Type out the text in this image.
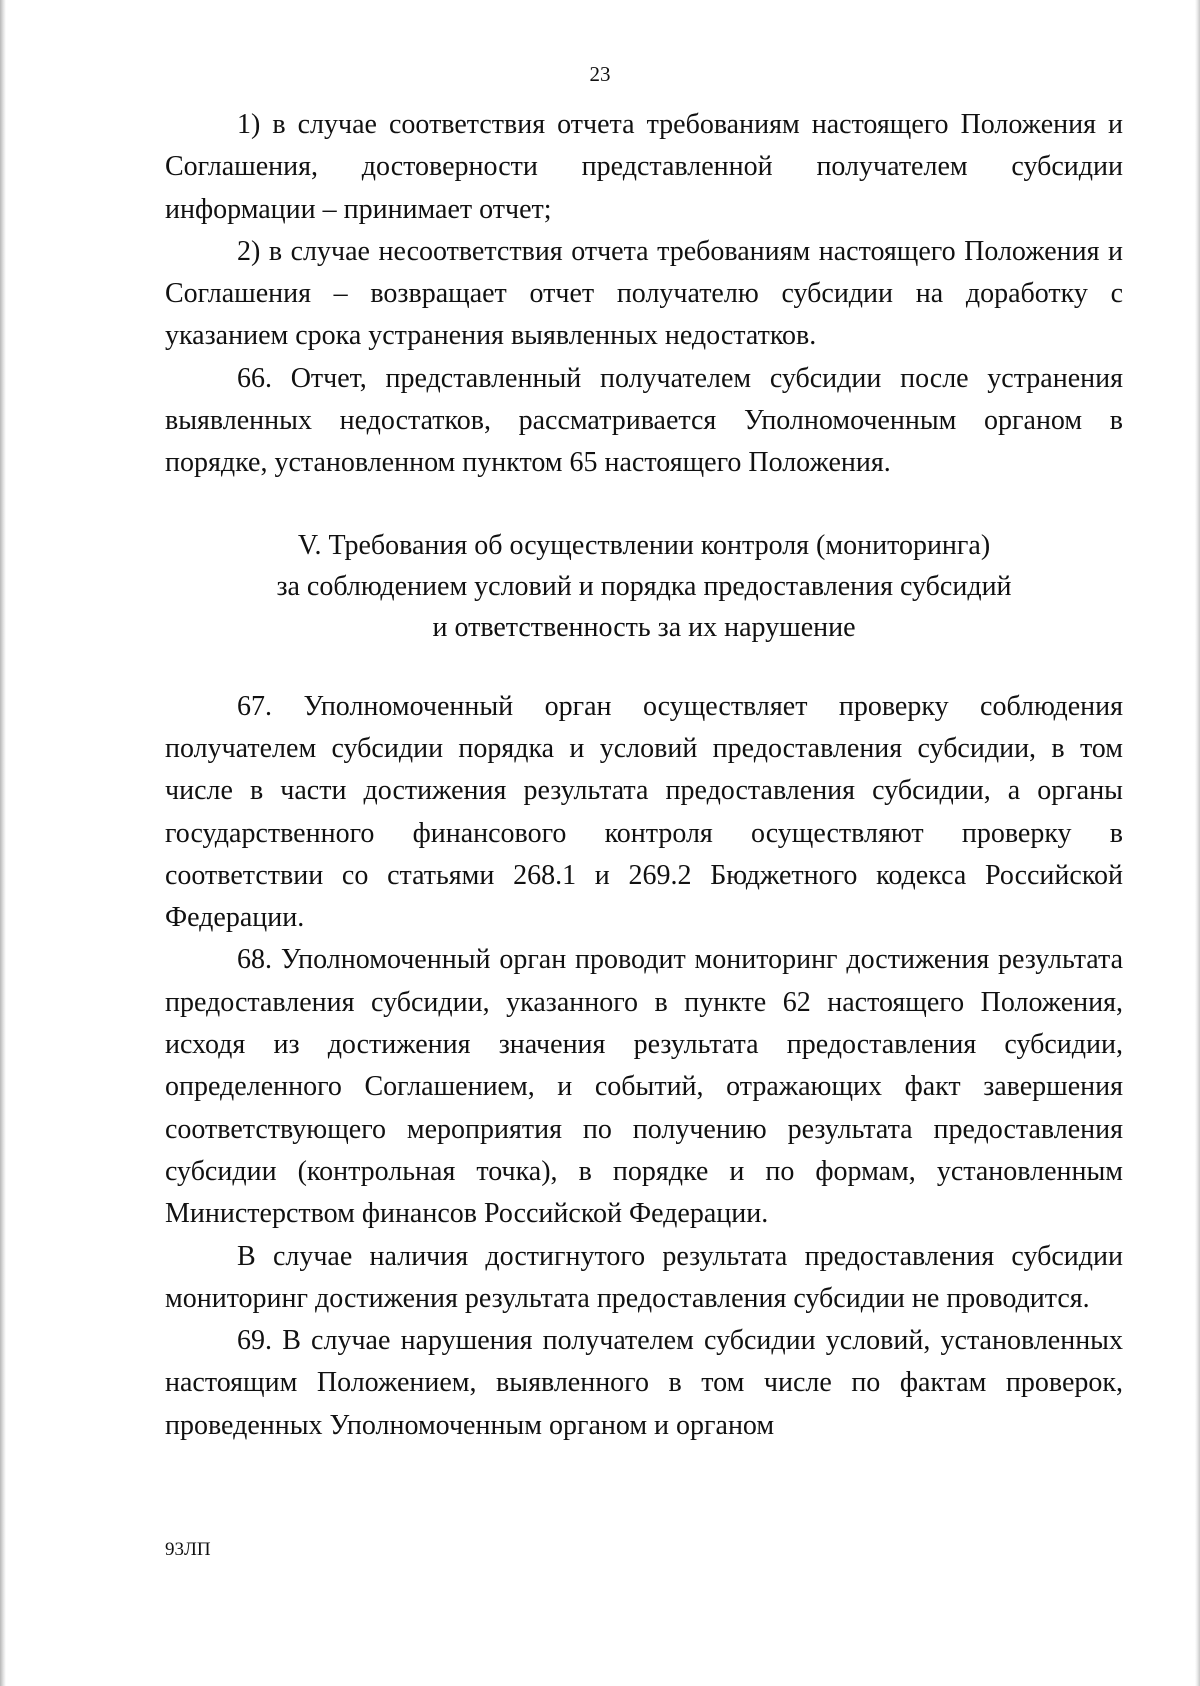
23

1) в случае соответствия отчета требованиям настоящего Положения и Соглашения, достоверности представленной получателем субсидии информации – принимает отчет;

2) в случае несоответствия отчета требованиям настоящего Положения и Соглашения – возвращает отчет получателю субсидии на доработку с указанием срока устранения выявленных недостатков.

66. Отчет, представленный получателем субсидии после устранения выявленных недостатков, рассматривается Уполномоченным органом в порядке, установленном пунктом 65 настоящего Положения.

V. Требования об осуществлении контроля (мониторинга)
за соблюдением условий и порядка предоставления субсидий
и ответственность за их нарушение

67. Уполномоченный орган осуществляет проверку соблюдения получателем субсидии порядка и условий предоставления субсидии, в том числе в части достижения результата предоставления субсидии, а органы государственного финансового контроля осуществляют проверку в соответствии со статьями 268.1 и 269.2 Бюджетного кодекса Российской Федерации.

68. Уполномоченный орган проводит мониторинг достижения результата предоставления субсидии, указанного в пункте 62 настоящего Положения, исходя из достижения значения результата предоставления субсидии, определенного Соглашением, и событий, отражающих факт завершения соответствующего мероприятия по получению результата предоставления субсидии (контрольная точка), в порядке и по формам, установленным Министерством финансов Российской Федерации.

В случае наличия достигнутого результата предоставления субсидии мониторинг достижения результата предоставления субсидии не проводится.

69. В случае нарушения получателем субсидии условий, установленных настоящим Положением, выявленного в том числе по фактам проверок, проведенных Уполномоченным органом и органом

93ЛП
